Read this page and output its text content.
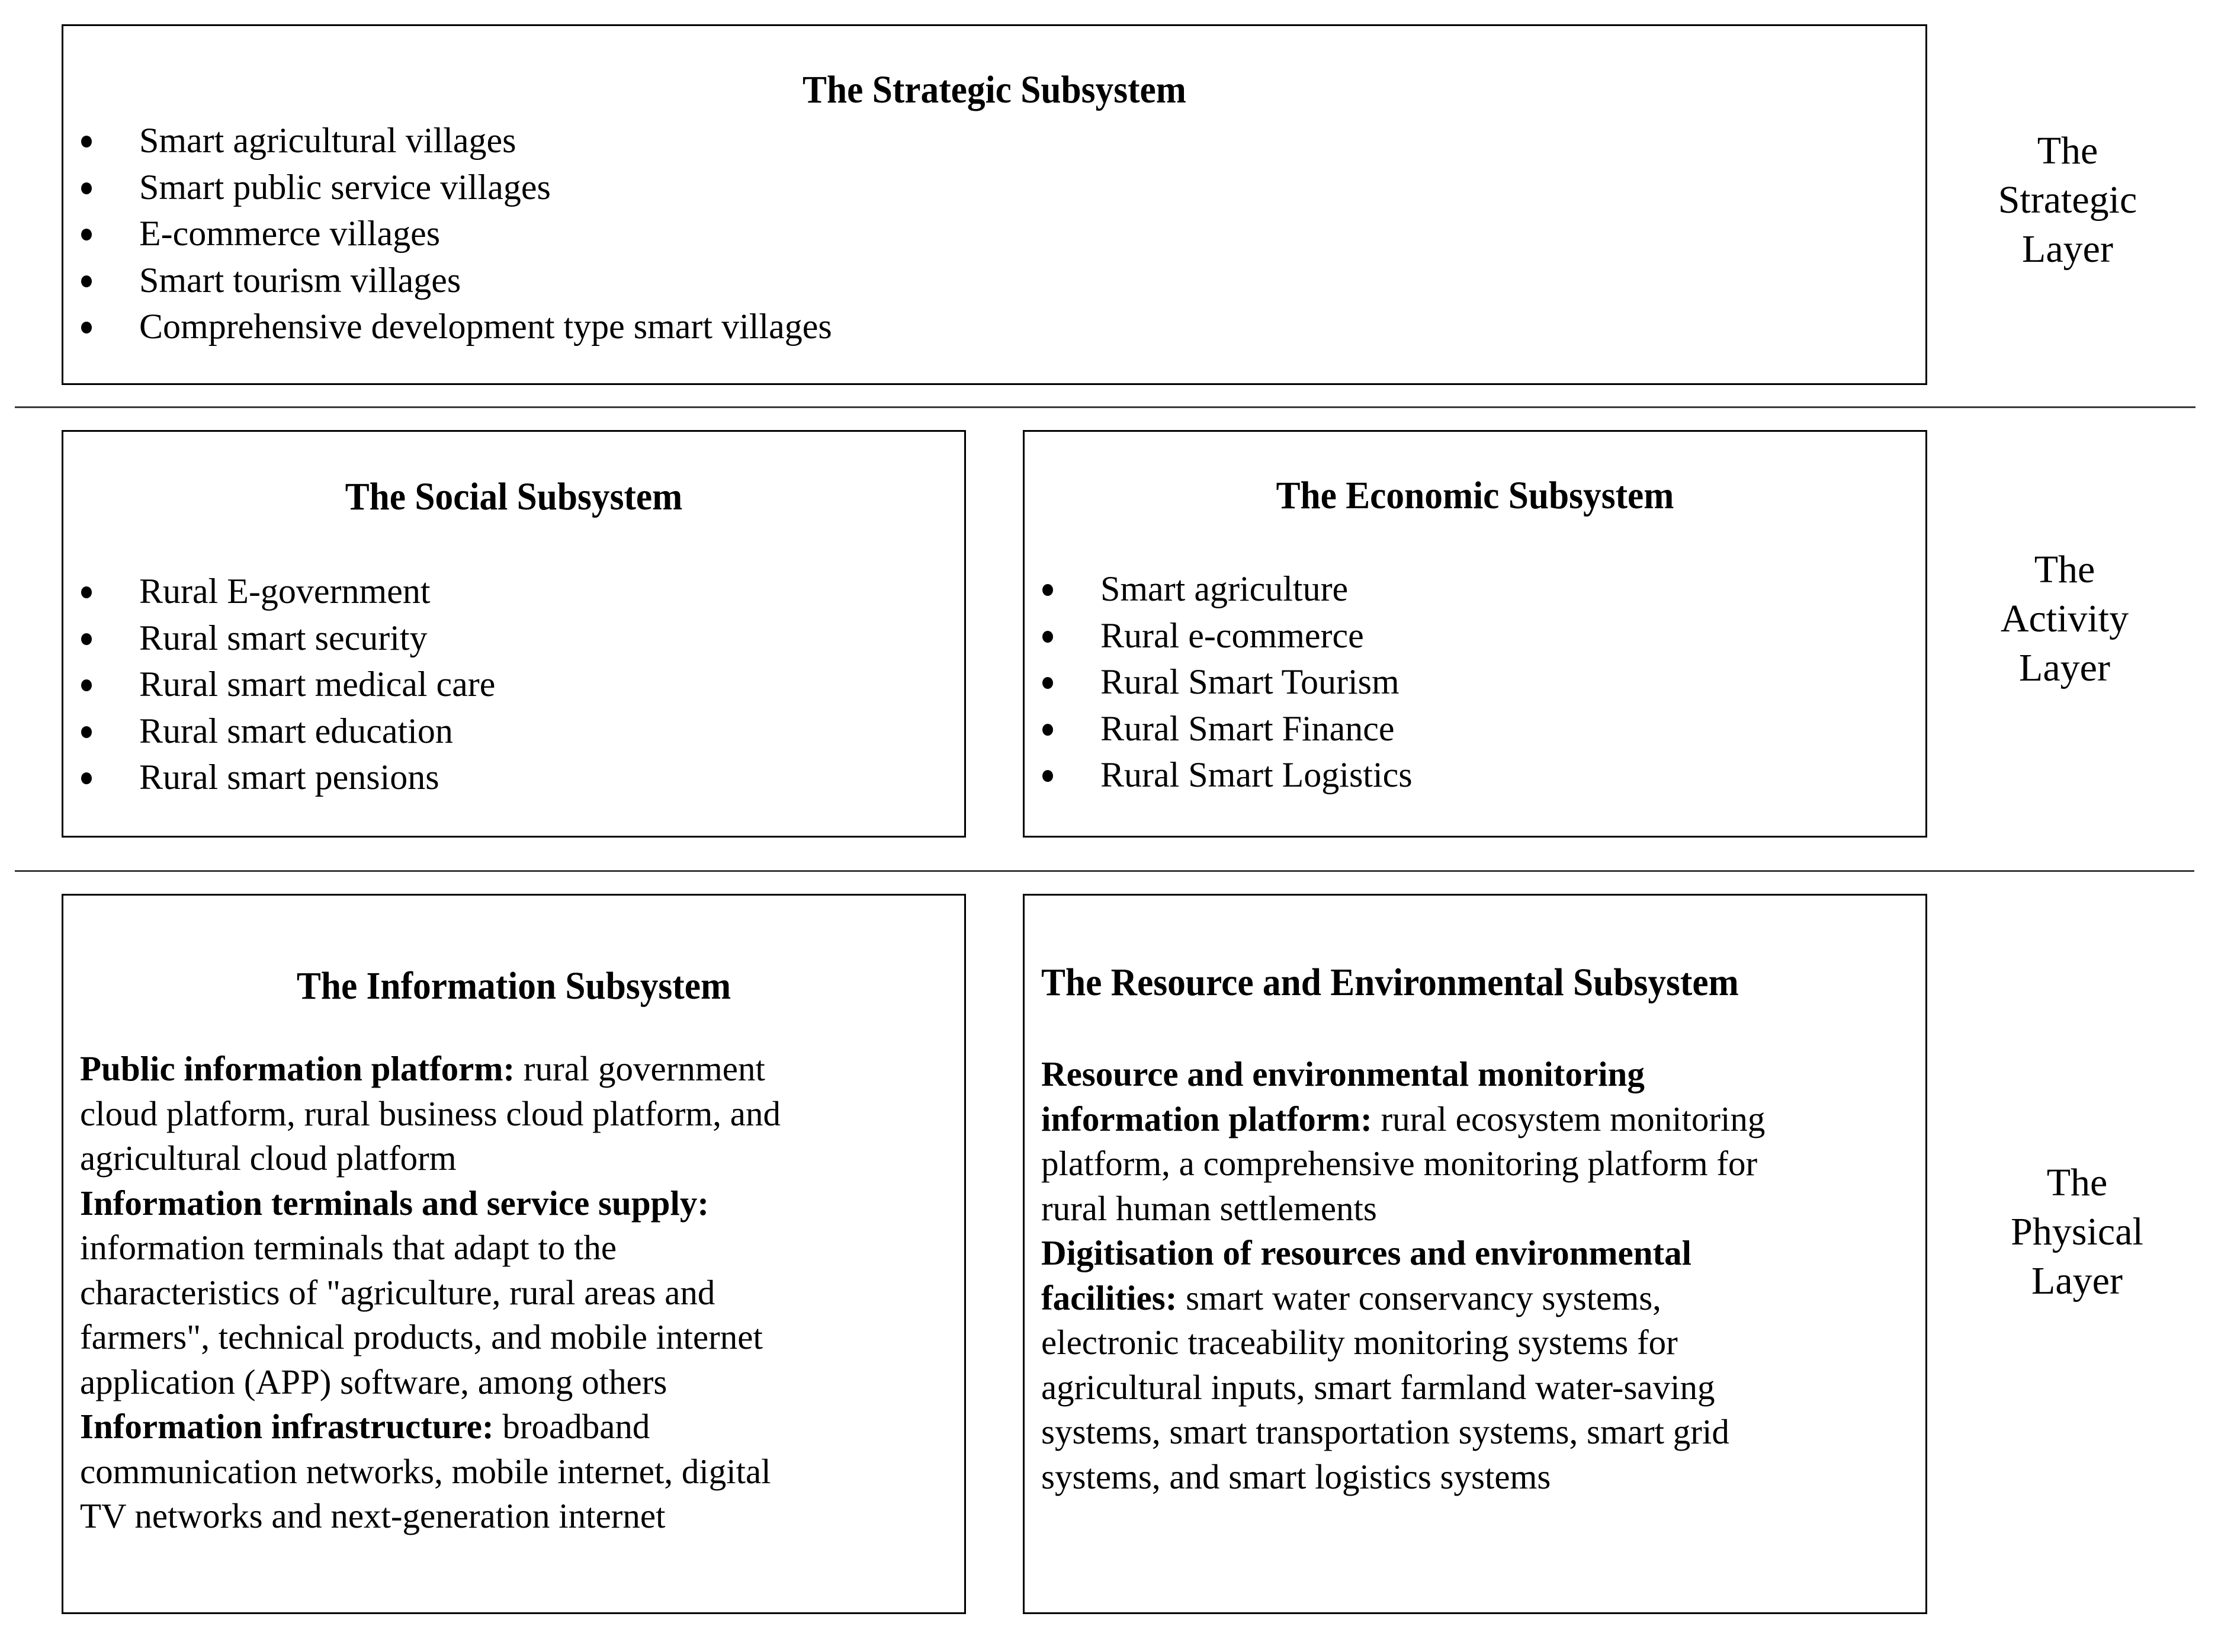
The Strategic Subsystem
Smart agricultural villages
Smart public service villages
E-commerce villages
Smart tourism villages
Comprehensive development type smart villages
The Social Subsystem
Rural E-government
Rural smart security
Rural smart medical care
Rural smart education
Rural smart pensions
The Economic Subsystem
Smart agriculture
Rural e-commerce
Rural Smart Tourism
Rural Smart Finance
Rural Smart Logistics
The Information Subsystem
Public information platform: rural government
cloud platform, rural business cloud platform, and
agricultural cloud platform
Information terminals and service supply:
information terminals that adapt to the
characteristics of "agriculture, rural areas and
farmers", technical products, and mobile internet
application (APP) software, among others
Information infrastructure: broadband
communication networks, mobile internet, digital
TV networks and next-generation internet
The Resource and Environmental Subsystem
Resource and environmental monitoring
information platform: rural ecosystem monitoring
platform, a comprehensive monitoring platform for
rural human settlements
Digitisation of resources and environmental
facilities: smart water conservancy systems,
electronic traceability monitoring systems for
agricultural inputs, smart farmland water-saving
systems, smart transportation systems, smart grid
systems, and smart logistics systems
The
Strategic
Layer
The
Activity
Layer
The
Physical
Layer
